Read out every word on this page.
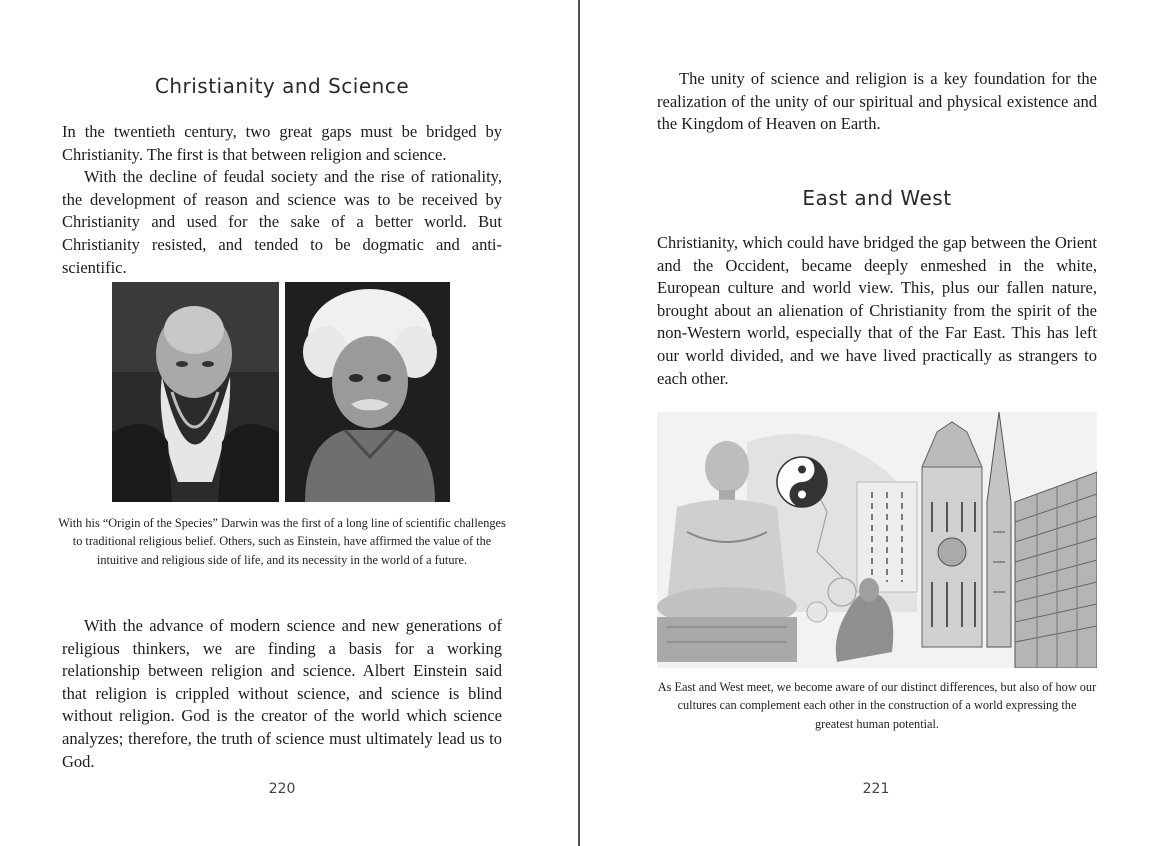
Christianity and Science

In the twentieth century, two great gaps must be bridged by Christianity. The first is that between religion and science.

With the decline of feudal society and the rise of rationality, the development of reason and science was to be received by Christianity and used for the sake of a better world. But Christianity resisted, and tended to be dogmatic and anti-scientific.

With his “Origin of the Species” Darwin was the first of a long line of scientific challenges to traditional religious belief. Others, such as Einstein, have affirmed the value of the intuitive and religious side of life, and its necessity in the world of a future.

With the advance of modern science and new generations of religious thinkers, we are finding a basis for a working relationship between religion and science. Albert Einstein said that religion is crippled without science, and science is blind without religion. God is the creator of the world which science analyzes; therefore, the truth of science must ultimately lead us to God.

220

The unity of science and religion is a key foundation for the realization of the unity of our spiritual and physical existence and the Kingdom of Heaven on Earth.

East and West

Christianity, which could have bridged the gap between the Orient and the Occident, became deeply enmeshed in the white, European culture and world view. This, plus our fallen nature, brought about an alienation of Christianity from the spirit of the non-Western world, especially that of the Far East. This has left our world divided, and we have lived practically as strangers to each other.

As East and West meet, we become aware of our distinct differences, but also of how our cultures can complement each other in the construction of a world expressing the greatest human potential.

221
